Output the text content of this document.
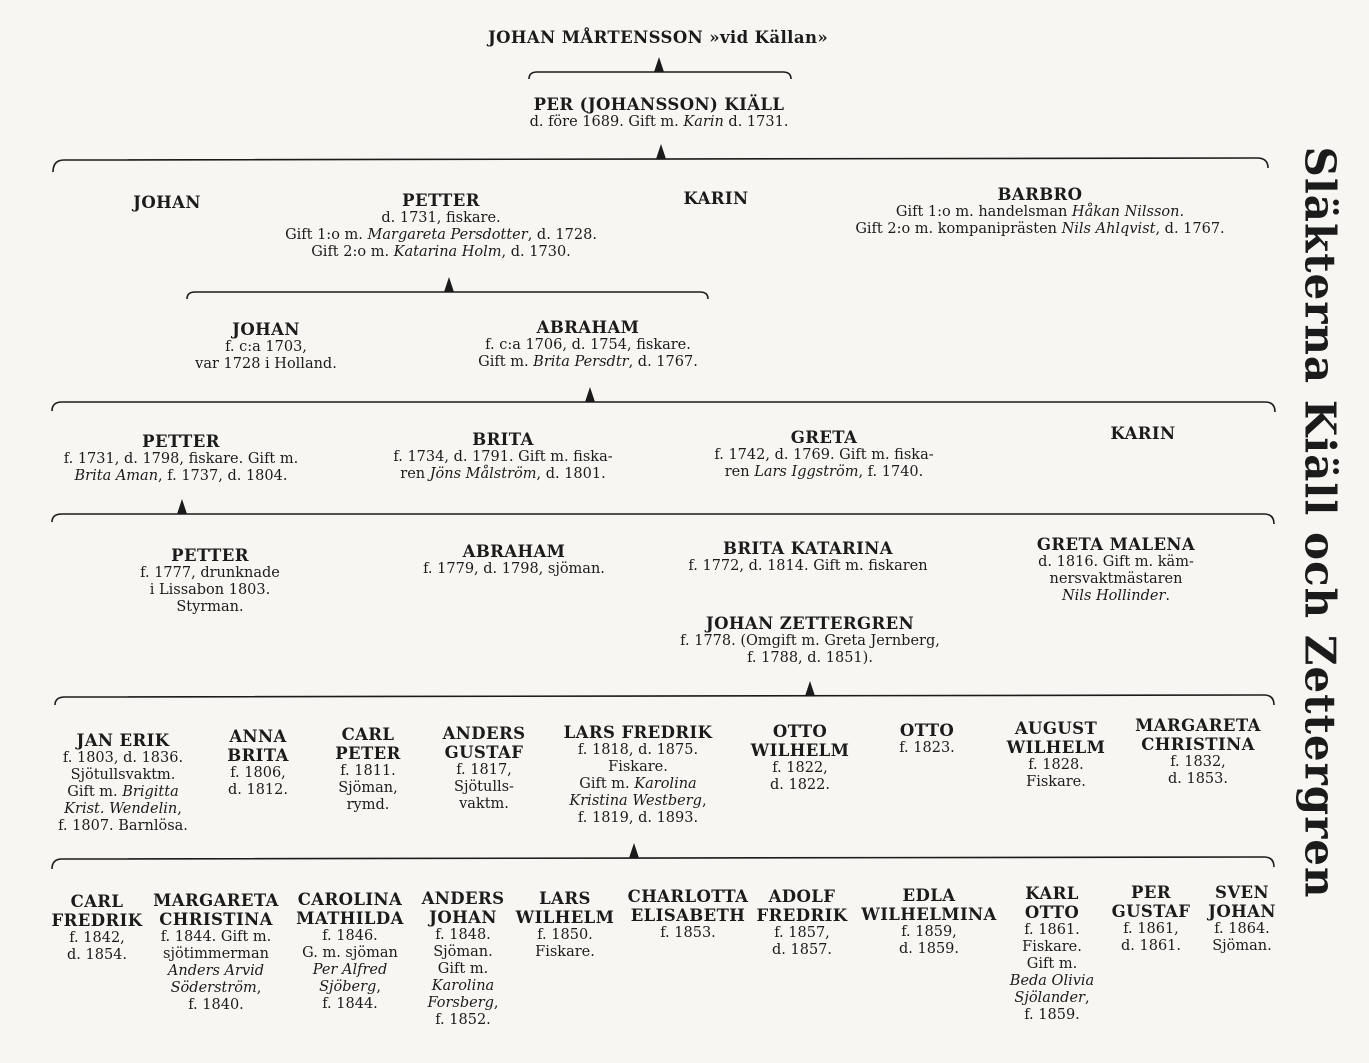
Släkterna Kiäll och Zettergren
JOHAN MÅRTENSSON »vid Källan»
PER (JOHANSSON) KIÄLL
d. före 1689. Gift m. Karin d. 1731.
JOHAN	PETTER
d. 1731, fiskare.
Gift 1:o m. Margareta Persdotter, d. 1728.
Gift 2:o m. Katarina Holm, d. 1730.
KARIN	BARBRO
Gift 1:o m. handelsman Håkan Nilsson.
Gift 2:o m. kompaniprästen Nils Ahlqvist, d. 1767.
JOHAN
f. c:a 1703,
var 1728 i Holland.
ABRAHAM
f. c:a 1706, d. 1754, fiskare.
Gift m. Brita Persdtr, d. 1767.
PETTER
f. 1731, d. 1798, fiskare. Gift m.
Brita Aman, f. 1737, d. 1804.
BRITA
f. 1734, d. 1791. Gift m. fiska-
ren Jöns Målström, d. 1801.
GRETA
f. 1742, d. 1769. Gift m. fiska-
ren Lars Iggström, f. 1740.
KARIN
PETTER
f. 1777, drunknade
i Lissabon 1803.
Styrman.
ABRAHAM
f. 1779, d. 1798, sjöman.
BRITA KATARINA
f. 1772, d. 1814. Gift m. fiskaren
GRETA MALENA
d. 1816. Gift m. käm-
nersvaktmästaren
Nils Hollinder.
JOHAN ZETTERGREN
f. 1778. (Omgift m. Greta Jernberg,
f. 1788, d. 1851).
JAN ERIK
f. 1803, d. 1836.
Sjötullsvaktm.
Gift m. Brigitta
Krist. Wendelin,
f. 1807. Barnlösa.
ANNA
BRITA
f. 1806,
d. 1812.
CARL
PETER
f. 1811.
Sjöman,
rymd.
ANDERS
GUSTAF
f. 1817,
Sjötulls-
vaktm.
LARS FREDRIK
f. 1818, d. 1875.
Fiskare.
Gift m. Karolina
Kristina Westberg,
f. 1819, d. 1893.
OTTO
WILHELM
f. 1822,
d. 1822.
OTTO
f. 1823.
AUGUST
WILHELM
f. 1828.
Fiskare.
MARGARETA
CHRISTINA
f. 1832,
d. 1853.
CARL
FREDRIK
f. 1842,
d. 1854.
MARGARETA
CHRISTINA
f. 1844. Gift m.
sjötimmerman
Anders Arvid
Söderström,
f. 1840.
CAROLINA
MATHILDA
f. 1846.
G. m. sjöman
Per Alfred
Sjöberg,
f. 1844.
ANDERS
JOHAN
f. 1848.
Sjöman.
Gift m.
Karolina
Forsberg,
f. 1852.
LARS
WILHELM
f. 1850.
Fiskare.
CHARLOTTA
ELISABETH
f. 1853.
ADOLF
FREDRIK
f. 1857,
d. 1857.
EDLA
WILHELMINA
f. 1859,
d. 1859.
KARL
OTTO
f. 1861.
Fiskare.
Gift m.
Beda Olivia
Sjölander,
f. 1859.
PER
GUSTAF
f. 1861,
d. 1861.
SVEN
JOHAN
f. 1864.
Sjöman.
